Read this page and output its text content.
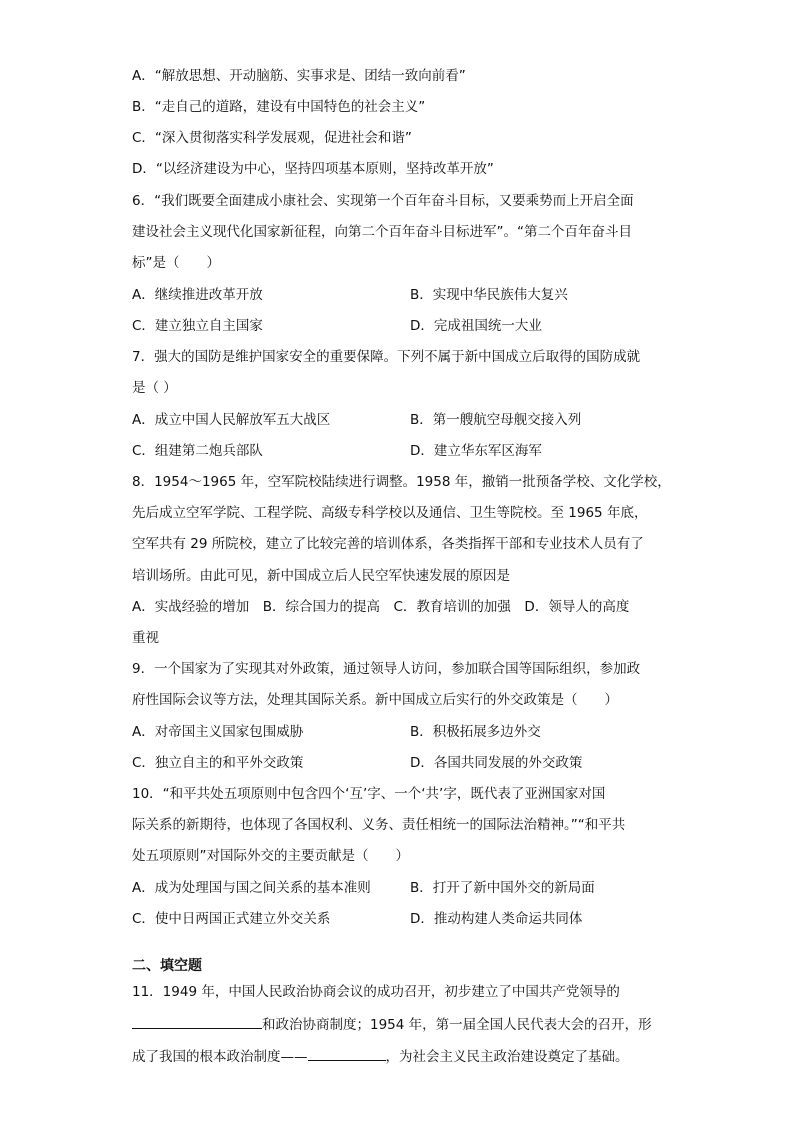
A．“解放思想、开动脑筋、实事求是、团结一致向前看”
B．“走自己的道路，建设有中国特色的社会主义”
C．“深入贯彻落实科学发展观，促进社会和谐”
D．“以经济建设为中心，坚持四项基本原则，坚持改革开放”
6．“我们既要全面建成小康社会、实现第一个百年奋斗目标，又要乘势而上开启全面
建设社会主义现代化国家新征程，向第二个百年奋斗目标进军”。“第二个百年奋斗目
标”是（　　）
A．继续推进改革开放	B．实现中华民族伟大复兴
C．建立独立自主国家	D．完成祖国统一大业
7．强大的国防是维护国家安全的重要保障。下列不属于新中国成立后取得的国防成就
是（ ）
A．成立中国人民解放军五大战区	B．第一艘航空母舰交接入列
C．组建第二炮兵部队	D．建立华东军区海军
8．1954～1965 年，空军院校陆续进行调整。1958 年，撤销一批预备学校、文化学校，
先后成立空军学院、工程学院、高级专科学校以及通信、卫生等院校。至 1965 年底，
空军共有 29 所院校，建立了比较完善的培训体系，各类指挥干部和专业技术人员有了
培训场所。由此可见，新中国成立后人民空军快速发展的原因是
A．实战经验的增加　B．综合国力的提高　C．教育培训的加强　D．领导人的高度
重视
9．一个国家为了实现其对外政策，通过领导人访问，参加联合国等国际组织，参加政
府性国际会议等方法，处理其国际关系。新中国成立后实行的外交政策是（　　）
A．对帝国主义国家包围威胁	B．积极拓展多边外交
C．独立自主的和平外交政策	D．各国共同发展的外交政策
10．“和平共处五项原则中包含四个‘互’字、一个‘共’字，既代表了亚洲国家对国
际关系的新期待，也体现了各国权利、义务、责任相统一的国际法治精神。”“和平共
处五项原则”对国际外交的主要贡献是（　　）
A．成为处理国与国之间关系的基本准则	B．打开了新中国外交的新局面
C．使中日两国正式建立外交关系	D．推动构建人类命运共同体
二、填空题
11．1949 年，中国人民政治协商会议的成功召开，初步建立了中国共产党领导的
和政治协商制度；1954 年，第一届全国人民代表大会的召开，形
成了我国的根本政治制度——	，为社会主义民主政治建设奠定了基础。
